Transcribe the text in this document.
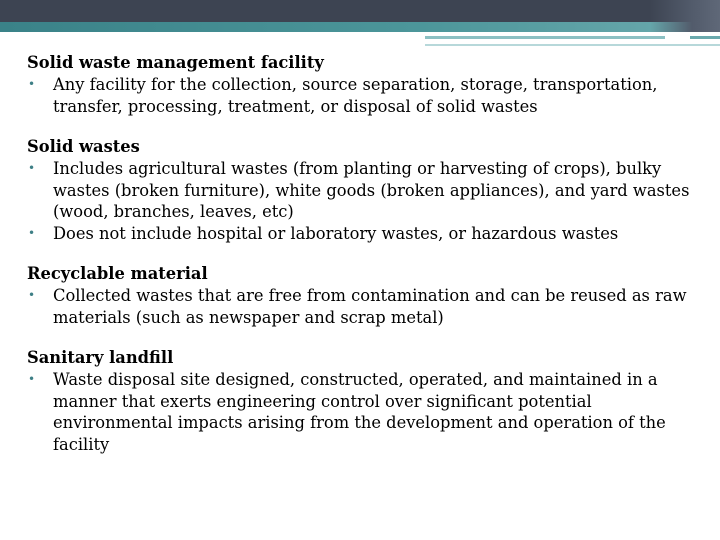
Solid waste management facility

• Any facility for the collection, source separation, storage, transportation, transfer, processing, treatment, or disposal of solid wastes

Solid wastes

• Includes agricultural wastes (from planting or harvesting of crops), bulky wastes (broken furniture), white goods (broken appliances), and yard wastes (wood, branches, leaves, etc)
• Does not include hospital or laboratory wastes, or hazardous wastes

Recyclable material

• Collected wastes that are free from contamination and can be reused as raw materials (such as newspaper and scrap metal)

Sanitary landfill

• Waste disposal site designed, constructed, operated, and maintained in a manner that exerts engineering control over significant potential environmental impacts arising from the development and operation of the facility
